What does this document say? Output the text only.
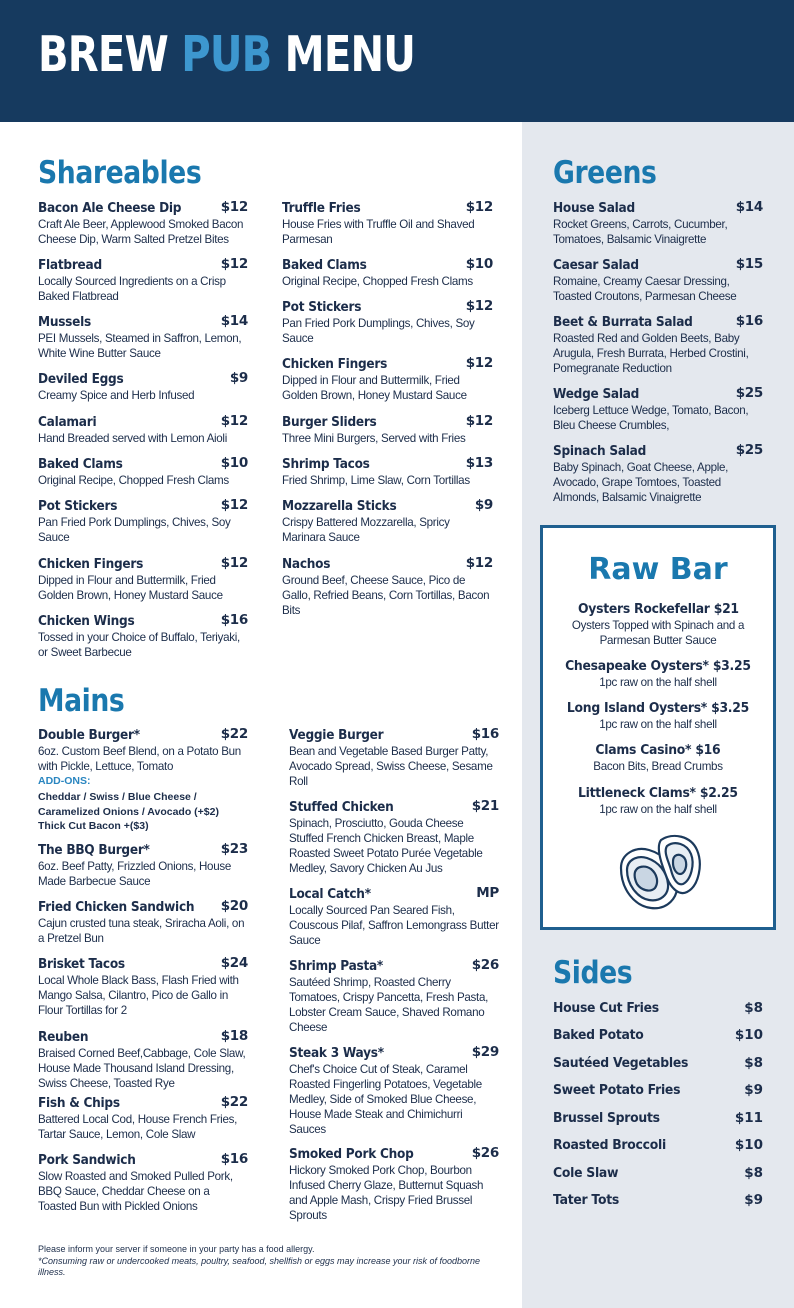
BREW PUB MENU
Shareables
Bacon Ale Cheese Dip	$12
Craft Ale Beer, Applewood Smoked Bacon Cheese Dip, Warm Salted Pretzel Bites
Flatbread	$12
Locally Sourced Ingredients on a Crisp Baked Flatbread
Mussels	$14
PEI Mussels, Steamed in Saffron, Lemon, White Wine Butter Sauce
Deviled Eggs	$9
Creamy Spice and Herb Infused
Calamari	$12
Hand Breaded served with Lemon Aioli
Baked Clams	$10
Original Recipe, Chopped Fresh Clams
Pot Stickers	$12
Pan Fried Pork Dumplings, Chives, Soy Sauce
Chicken Fingers	$12
Dipped in Flour and Buttermilk, Fried Golden Brown, Honey Mustard Sauce
Chicken Wings	$16
Tossed in your Choice of Buffalo, Teriyaki, or Sweet Barbecue
Truffle Fries	$12
House Fries with Truffle Oil and Shaved Parmesan
Baked Clams	$10
Original Recipe, Chopped Fresh Clams
Pot Stickers	$12
Pan Fried Pork Dumplings, Chives, Soy Sauce
Chicken Fingers	$12
Dipped in Flour and Buttermilk, Fried Golden Brown, Honey Mustard Sauce
Burger Sliders	$12
Three Mini Burgers, Served with Fries
Shrimp Tacos	$13
Fried Shrimp, Lime Slaw, Corn Tortillas
Mozzarella Sticks	$9
Crispy Battered Mozzarella, Spricy Marinara Sauce
Nachos	$12
Ground Beef, Cheese Sauce, Pico de Gallo, Refried Beans, Corn Tortillas, Bacon Bits
Mains
Double Burger*	$22
6oz. Custom Beef Blend, on a Potato Bun with Pickle, Lettuce, Tomato
ADD-ONS:
Cheddar / Swiss / Blue Cheese /
Caramelized Onions / Avocado (+$2)
Thick Cut Bacon +($3)
The BBQ Burger*	$23
6oz. Beef Patty, Frizzled Onions, House Made Barbecue Sauce
Fried Chicken Sandwich $20
Cajun crusted tuna steak, Sriracha Aoli, on a Pretzel Bun
Brisket Tacos	$24
Local Whole Black Bass, Flash Fried with Mango Salsa, Cilantro, Pico de Gallo in Flour Tortillas for 2
Reuben	$18
Braised Corned Beef,Cabbage, Cole Slaw, House Made Thousand Island Dressing, Swiss Cheese, Toasted Rye
Fish & Chips	$22
Battered Local Cod, House French Fries, Tartar Sauce, Lemon, Cole Slaw
Pork Sandwich	$16
Slow Roasted and Smoked Pulled Pork, BBQ Sauce, Cheddar Cheese on a Toasted Bun with Pickled Onions
Veggie Burger	$16
Bean and Vegetable Based Burger Patty, Avocado Spread, Swiss Cheese, Sesame Roll
Stuffed Chicken	$21
Spinach, Prosciutto, Gouda Cheese Stuffed French Chicken Breast, Maple Roasted Sweet Potato Purée Vegetable Medley, Savory Chicken Au Jus
Local Catch*	MP
Locally Sourced Pan Seared Fish, Couscous Pilaf, Saffron Lemongrass Butter Sauce
Shrimp Pasta*	$26
Sautéed Shrimp, Roasted Cherry Tomatoes, Crispy Pancetta, Fresh Pasta, Lobster Cream Sauce, Shaved Romano Cheese
Steak 3 Ways*	$29
Chef's Choice Cut of Steak, Caramel Roasted Fingerling Potatoes, Vegetable Medley, Side of Smoked Blue Cheese, House Made Steak and Chimichurri Sauces
Smoked Pork Chop	$26
Hickory Smoked Pork Chop, Bourbon Infused Cherry Glaze, Butternut Squash and Apple Mash, Crispy Fried Brussel Sprouts
Greens
House Salad	$14
Rocket Greens, Carrots, Cucumber, Tomatoes, Balsamic Vinaigrette
Caesar Salad	$15
Romaine, Creamy Caesar Dressing, Toasted Croutons, Parmesan Cheese
Beet & Burrata Salad	$16
Roasted Red and Golden Beets, Baby Arugula, Fresh Burrata, Herbed Crostini, Pomegranate Reduction
Wedge Salad	$25
Iceberg Lettuce Wedge, Tomato, Bacon, Bleu Cheese Crumbles,
Spinach Salad	$25
Baby Spinach, Goat Cheese, Apple, Avocado, Grape Tomtoes, Toasted Almonds, Balsamic Vinaigrette
Raw Bar
Oysters Rockefellar $21
Oysters Topped with Spinach and a Parmesan Butter Sauce
Chesapeake Oysters* $3.25
1pc raw on the half shell
Long Island Oysters* $3.25
1pc raw on the half shell
Clams Casino* $16
Bacon Bits, Bread Crumbs
Littleneck Clams* $2.25
1pc raw on the half shell
Sides
House Cut Fries	$8
Baked Potato	$10
Sautéed Vegetables	$8
Sweet Potato Fries	$9
Brussel Sprouts	$11
Roasted Broccoli	$10
Cole Slaw	$8
Tater Tots	$9
Please inform your server if someone in your party has a food allergy.
*Consuming raw or undercooked meats, poultry, seafood, shellfish or eggs may increase your risk of foodborne illness.
